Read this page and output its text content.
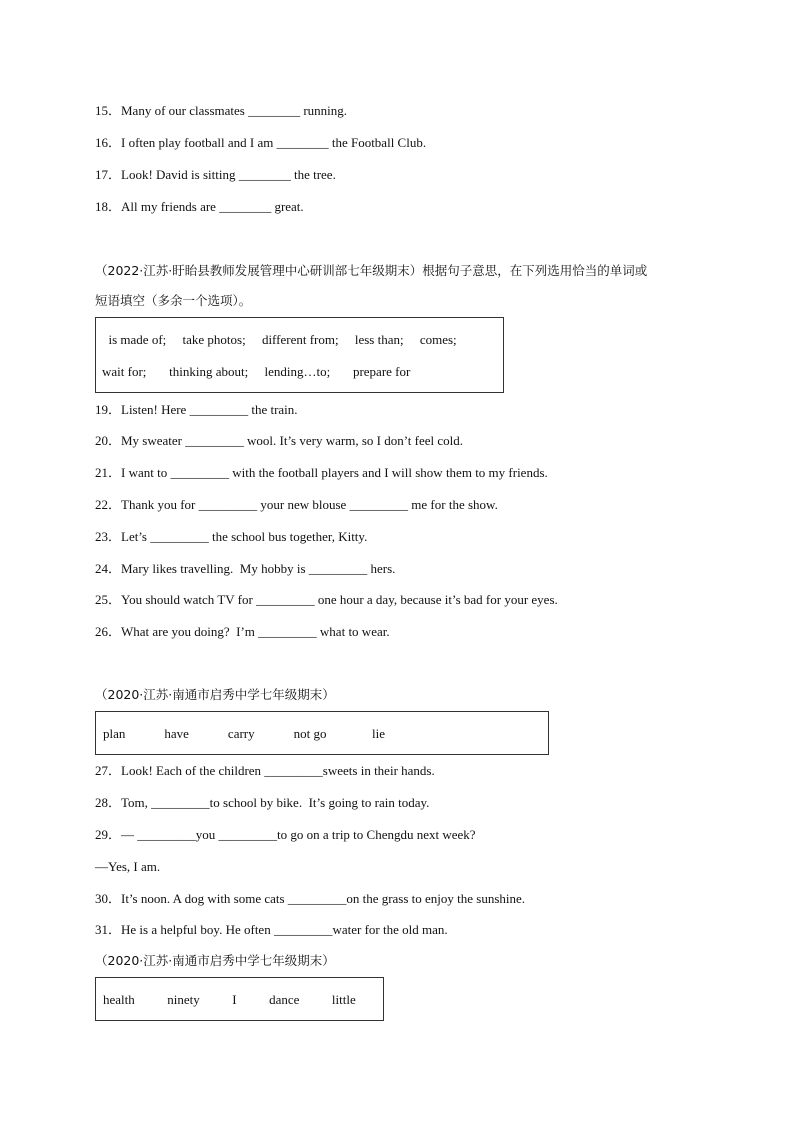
15．Many of our classmates ________ running.
16．I often play football and I am ________ the Football Club.
17．Look! David is sitting ________ the tree.
18．All my friends are ________ great.
（2022·江苏·盱眙县教师发展管理中心研训部七年级期末）根据句子意思，在下列选用恰当的单词或
短语填空（多余一个选项）。
is made of;     take photos;     different from;     less than;     comes;
wait for;       thinking about;     lending…to;       prepare for
19．Listen! Here _________ the train.
20．My sweater _________ wool. It’s very warm, so I don’t feel cold.
21．I want to _________ with the football players and I will show them to my friends.
22．Thank you for _________ your new blouse _________ me for the show.
23．Let’s _________ the school bus together, Kitty.
24．Mary likes travelling.  My hobby is _________ hers.
25．You should watch TV for _________ one hour a day, because it’s bad for your eyes.
26．What are you doing?  I’m _________ what to wear.
（2020·江苏·南通市启秀中学七年级期末）
plan            have            carry            not go              lie
27．Look! Each of the children _________sweets in their hands.
28．Tom, _________to school by bike.  It’s going to rain today.
29．— _________you _________to go on a trip to Chengdu next week?
—Yes, I am.
30．It’s noon. A dog with some cats _________on the grass to enjoy the sunshine.
31．He is a helpful boy. He often _________water for the old man.
（2020·江苏·南通市启秀中学七年级期末）
health          ninety          I          dance          little
